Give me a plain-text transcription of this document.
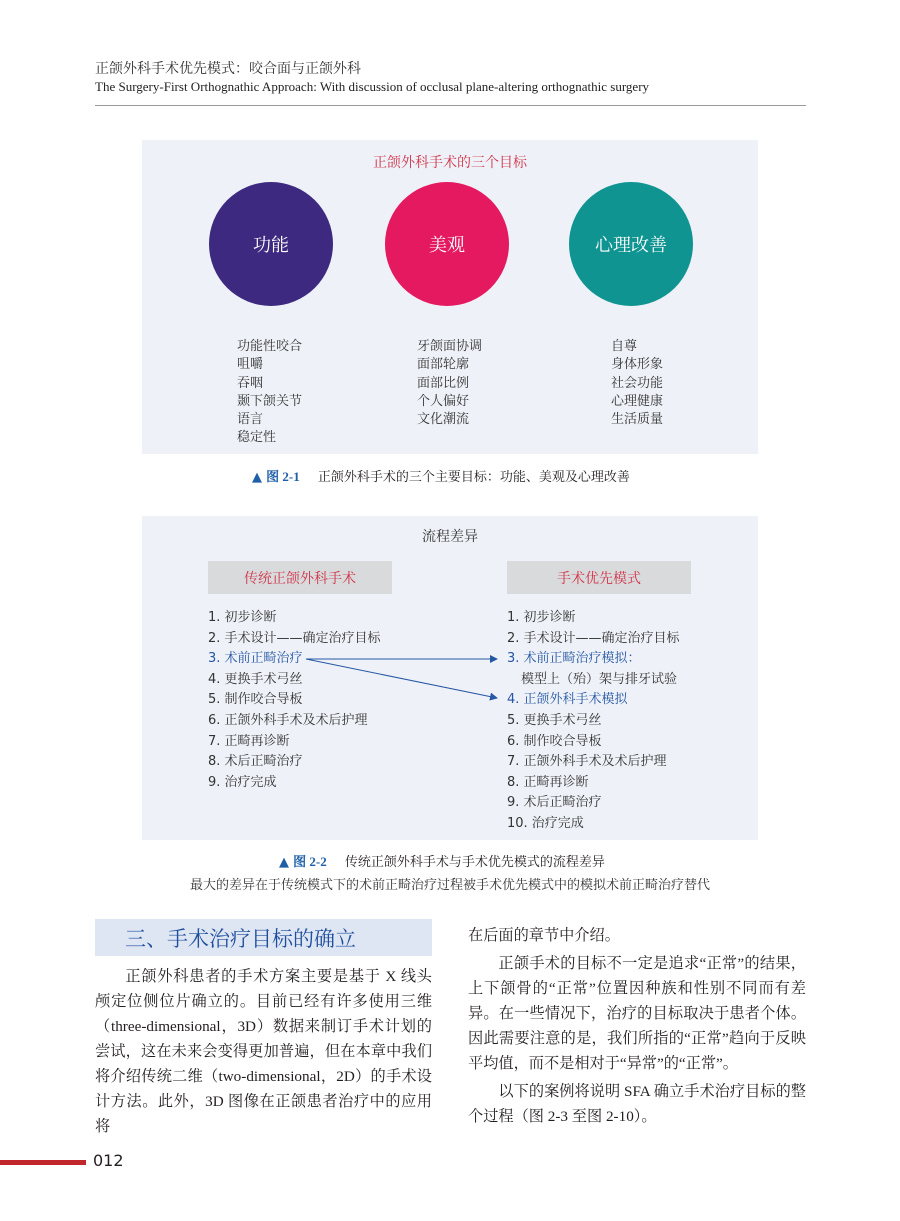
正颌外科手术优先模式：咬合面与正颌外科
The Surgery-First Orthognathic Approach: With discussion of occlusal plane-altering orthognathic surgery
正颌外科手术的三个目标
功能	美观	心理改善
功能性咬合
咀嚼
吞咽
颞下颌关节
语言
稳定性
牙颌面协调
面部轮廓
面部比例
个人偏好
文化潮流
自尊
身体形象
社会功能
心理健康
生活质量
▲ 图 2-1 正颌外科手术的三个主要目标：功能、美观及心理改善
流程差异
传统正颌外科手术	手术优先模式
1. 初步诊断
2. 手术设计——确定治疗目标
3. 术前正畸治疗
4. 更换手术弓丝
5. 制作咬合导板
6. 正颌外科手术及术后护理
7. 正畸再诊断
8. 术后正畸治疗
9. 治疗完成
1. 初步诊断
2. 手术设计——确定治疗目标
3. 术前正畸治疗模拟：
模型上（殆）架与排牙试验
4. 正颌外科手术模拟
5. 更换手术弓丝
6. 制作咬合导板
7. 正颌外科手术及术后护理
8. 正畸再诊断
9. 术后正畸治疗
10. 治疗完成
▲ 图 2-2 传统正颌外科手术与手术优先模式的流程差异
最大的差异在于传统模式下的术前正畸治疗过程被手术优先模式中的模拟术前正畸治疗替代
三、手术治疗目标的确立

正颌外科患者的手术方案主要是基于 X 线头颅定位侧位片确立的。目前已经有许多使用三维（three-dimensional，3D）数据来制订手术计划的尝试，这在未来会变得更加普遍，但在本章中我们将介绍传统二维（two-dimensional，2D）的手术设计方法。此外，3D 图像在正颌患者治疗中的应用将

在后面的章节中介绍。

正颌手术的目标不一定是追求“正常”的结果，上下颌骨的“正常”位置因种族和性别不同而有差异。在一些情况下，治疗的目标取决于患者个体。因此需要注意的是，我们所指的“正常”趋向于反映平均值，而不是相对于“异常”的“正常”。

以下的案例将说明 SFA 确立手术治疗目标的整个过程（图 2-3 至图 2-10）。

012
